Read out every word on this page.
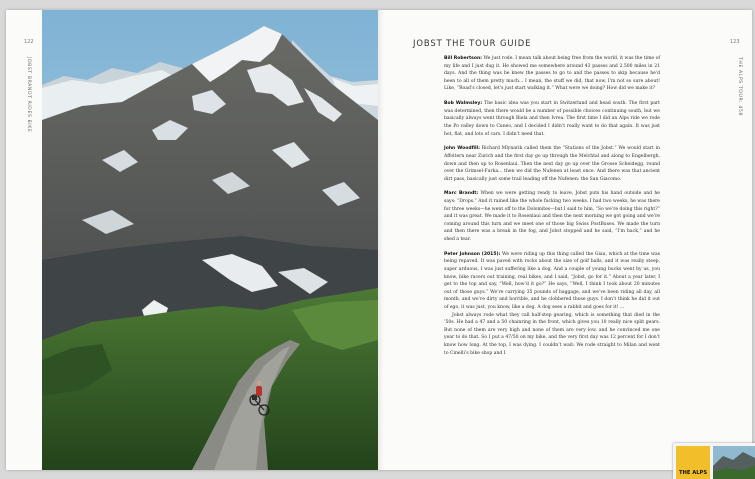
122
JOBST BRANDT RIDES BIKE
JOBST THE TOUR GUIDE	123
THE ALPS TOUR: 458

Bill Robertson: We just rode. I mean talk about being free from the world, it was the time of my life and I just dug it. He showed me somewhere around 43 passes and 2,500 miles in 21 days. And the thing was he knew the passes to go to and the passes to skip because he'd been to all of them pretty much... I mean, the stuff we did, that now, I'm not so sure about! Like, “Road’s closed, let’s just start walking it.” What were we doing? How did we make it?

Bob Walmsley: The basic idea was you start in Switzerland and head south. The first part was determined, then there would be a number of possible choices continuing south, but we basically always went through Biela and then Ivrea. The first time I did an Alps ride we rode the Po valley down to Cuneo, and I decided I didn’t really want to do that again. It was just hot, flat, and lots of cars. I didn’t need that.

John Woodfill: Richard Mlynarik called them the “Stations of the Jobst.” We would start in Affoltern near Zurich and the first day go up through the Melchtal and along to Engelbergh, down and then up to Rosenlaui. Then the next day go up over the Grosse Scheidegg, round over the Grimsel-Furka... then we did the Nufenen at least once. And there was that ancient dirt pass, basically just some trail leading off the Nufenen: the San Giacomo.

Marc Brandt: When we were getting ready to leave, Jobst puts his hand outside and he says: “Drops.” And it rained like the whole fucking two weeks. I had two weeks, he was there for three weeks—he went off to the Dolomites—but I said to him, “So we’re doing this right?” and it was great. We made it to Rosenlaui and then the next morning we got going and we’re coming around this turn and we meet one of those big Swiss PostBuses. We made the turn and then there was a break in the fog, and Jobst stopped and he said, “I’m back,” and he shed a tear.

Peter Johnson (2015): We were riding up this thing called the Giau, which at the time was being repaved. It was paved with rocks about the size of golf balls, and it was really steep, super arduous, I was just suffering like a dog. And a couple of young bucks went by us, you know, bike racers out training, real bikes, and I said, “Jobst, go for it.” About a year later, I get to the top and say, “Well, how’d it go?” He says, “Well, I think I took about 20 minutes out of those guys.” We’re carrying 35 pounds of baggage, and we’ve been riding all day, all month, and we’re dirty and horrible, and he clobbered those guys. I don’t think he did it out of ego, it was just, you know, like a dog. A dog sees a rabbit and goes for it! ...

Jobst always rode what they call half-step gearing, which is something that died in the ’50s. He had a 47 and a 50 chainring in the front, which gives you 10 really nice split gears. But none of them are very high and none of them are very low, and he convinced me one year to do that. So I put a 47/50 on my bike, and the very first day was 12 percent for I don’t know how long. At the top, I was dying. I couldn’t wait: We rode straight to Milan and went to Cinelli’s bike shop and I

THE ALPS
